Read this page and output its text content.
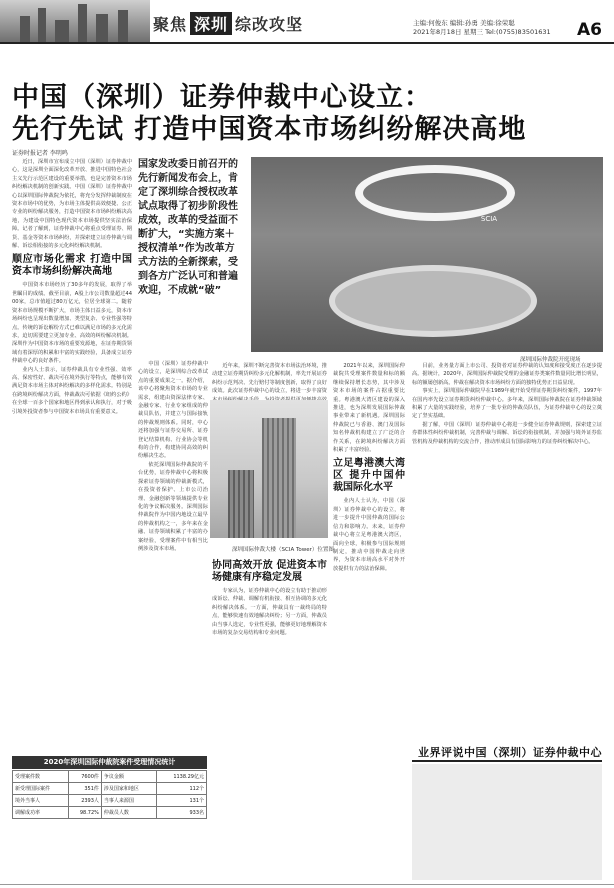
聚焦 深圳 综改攻坚	主编:何俊东 编辑:孙勇 美编:徐荣聪
2021年8月18日 星期三 Tel:(0755)83501631	A6
中国（深圳）证券仲裁中心设立：
先行先试 打造中国资本市场纠纷解决高地
证券时报记者 李明鸣

近日，深圳市宣布成立中国（深圳）证券仲裁中心，这是深圳全面深化改革开放、推进中国特色社会主义先行示范区建设的重要举措，也是完善资本市场纠纷解决机制的创新实践。中国（深圳）证券仲裁中心以深圳国际仲裁院为依托，将充分发挥仲裁制度在资本市场中的优势，为市场主体提供高效便捷、公正专业的纠纷解决服务，打造中国资本市场纠纷解决高地，为建设中国特色现代资本市场提供坚实法治保障。记者了解到，证券仲裁中心将重点受理证券、期货、基金等资本市场纠纷，并探索建立证券仲裁与调解、诉讼相衔接的多元化纠纷解决机制。

顺应市场化需求 打造中国资本市场纠纷解决高地

中国资本市场经历了30多年的发展，取得了举世瞩目的成绩。截至目前，A股上市公司数量超过4400家，总市值超过80万亿元，位居全球第二。随着资本市场规模不断扩大，市场主体日益多元，资本市场纠纷也呈现出数量增加、类型复杂、专业性强等特点。传统的诉讼解纷方式已难以满足市场的多元化需求，迫切需要建立更加专业、高效的纠纷解决机制。深圳作为中国资本市场的重要发源地，在证券期货领域有着深厚的积累和丰富的实践经验，具备成立证券仲裁中心的良好条件。

业内人士表示，证券仲裁具有专业性强、效率高、保密性好、裁决可在境外执行等特点，能够有效满足资本市场主体对纠纷解决的多样化需求。特别是在跨境纠纷解决方面，仲裁裁决可依据《纽约公约》在全球一百多个国家和地区得到承认和执行，对于吸引境外投资者参与中国资本市场具有重要意义。

国家发改委日前召开的先行新闻发布会上，肯定了深圳综合授权改革试点取得了初步阶段性成效，改革的受益面不断扩大，“实施方案＋授权清单”作为改革方式方法的全新探索，受到各方广泛认可和普遍欢迎，不成就“破”

中国（深圳）证券仲裁中心的设立，是深圳综合改革试点的重要成果之一。据介绍，该中心将聚焦资本市场的专业需求，组建由资深法律专家、金融专家、行业专家组成的仲裁员队伍，并建立与国际接轨的仲裁规则体系。同时，中心还将加强与证券交易所、证券登记结算机构、行业协会等机构的合作，构建协同高效的纠纷解决生态。

依托深圳国际仲裁院的平台优势，证券仲裁中心将积极探索证券领域的仲裁新模式，在投资者保护、上市公司治理、金融创新等领域提供专业化的争议解决服务。深圳国际仲裁院作为中国内地设立最早的仲裁机构之一，多年来在金融、证券领域积累了丰富的办案经验，受理案件中有相当比例涉及资本市场。

SCIA
深圳国际仲裁院开庭现场

近年来，深圳不断完善资本市场法治环境，推动建立证券期货纠纷多元化解机制，率先开展证券纠纷示范判决、先行赔付等制度创新，取得了良好成效。此次证券仲裁中心的设立，将进一步丰富资

深圳国际仲裁大楼（SCIA Tower）位置图
协同高效开放 促进资本市场健康有序稳定发展

专家认为，证券仲裁中心的设立有助于推动形成诉讼、仲裁、调解有机衔接、相互协调的多元化纠纷解决体系。一方面，仲裁具有一裁终局的特点，能够快速有效地解决纠纷；另一方面，仲裁员由当事人选定，专业性更强，能够更好地理解资本市场的复杂交易结构和专业问题。

2021年以来，深圳国际仲裁院共受理案件数量和标的额继续保持增长态势，其中涉及资本市场的案件占据重要比重。粤港澳大湾区建设的深入推进，也为深圳发展国际仲裁事业带来了新机遇。深圳国际仲裁院已与香港、澳门及国际知名仲裁机构建立了广泛的合作关系，在跨境纠纷解决方面积累了丰富经验。

立足粤港澳大湾区 提升中国仲裁国际化水平

业内人士认为，中国（深圳）证券仲裁中心的设立，将进一步提升中国仲裁的国际公信力和影响力。未来，证券仲裁中心将立足粤港澳大湾区，面向全球，积极参与国际规则制定，推动中国仲裁走向世界，为资本市场高水平对外开放提供有力的法治保障。

目前，业务量方面上市公司、投资者对证券仲裁的认知度和接受度正在逐步提高。据统计，2020年，深圳国际仲裁院受理的金融证券类案件数量同比增长明显，标的额屡创新高。仲裁在解决资本市场纠纷方面的独特优势正日益显现。

事实上，深圳国际仲裁院早在1989年就开始受理证券期货纠纷案件，1997年在国内率先设立证券期货纠纷仲裁中心。多年来，深圳国际仲裁院在证券仲裁领域积累了大量的实践经验，培养了一批专业的仲裁员队伍，为证券仲裁中心的设立奠定了坚实基础。

据了解，中国（深圳）证券仲裁中心将进一步健全证券仲裁规则，探索建立证券群体性纠纷仲裁机制，完善仲裁与调解、诉讼的衔接机制，并加强与境外证券监管机构及仲裁机构的交流合作，推动形成具有国际影响力的证券纠纷解决中心。

2020年深圳国际仲裁院案件受理情况统计
受理案件数	7600件	争议金额	1138.29亿元
新受理国际案件	351件	涉及国家和地区	112个
境外当事人	2393人	当事人来源国	131个
调解成功率	98.72%	仲裁员人数	933名
业界评说中国（深圳）证券仲裁中心
